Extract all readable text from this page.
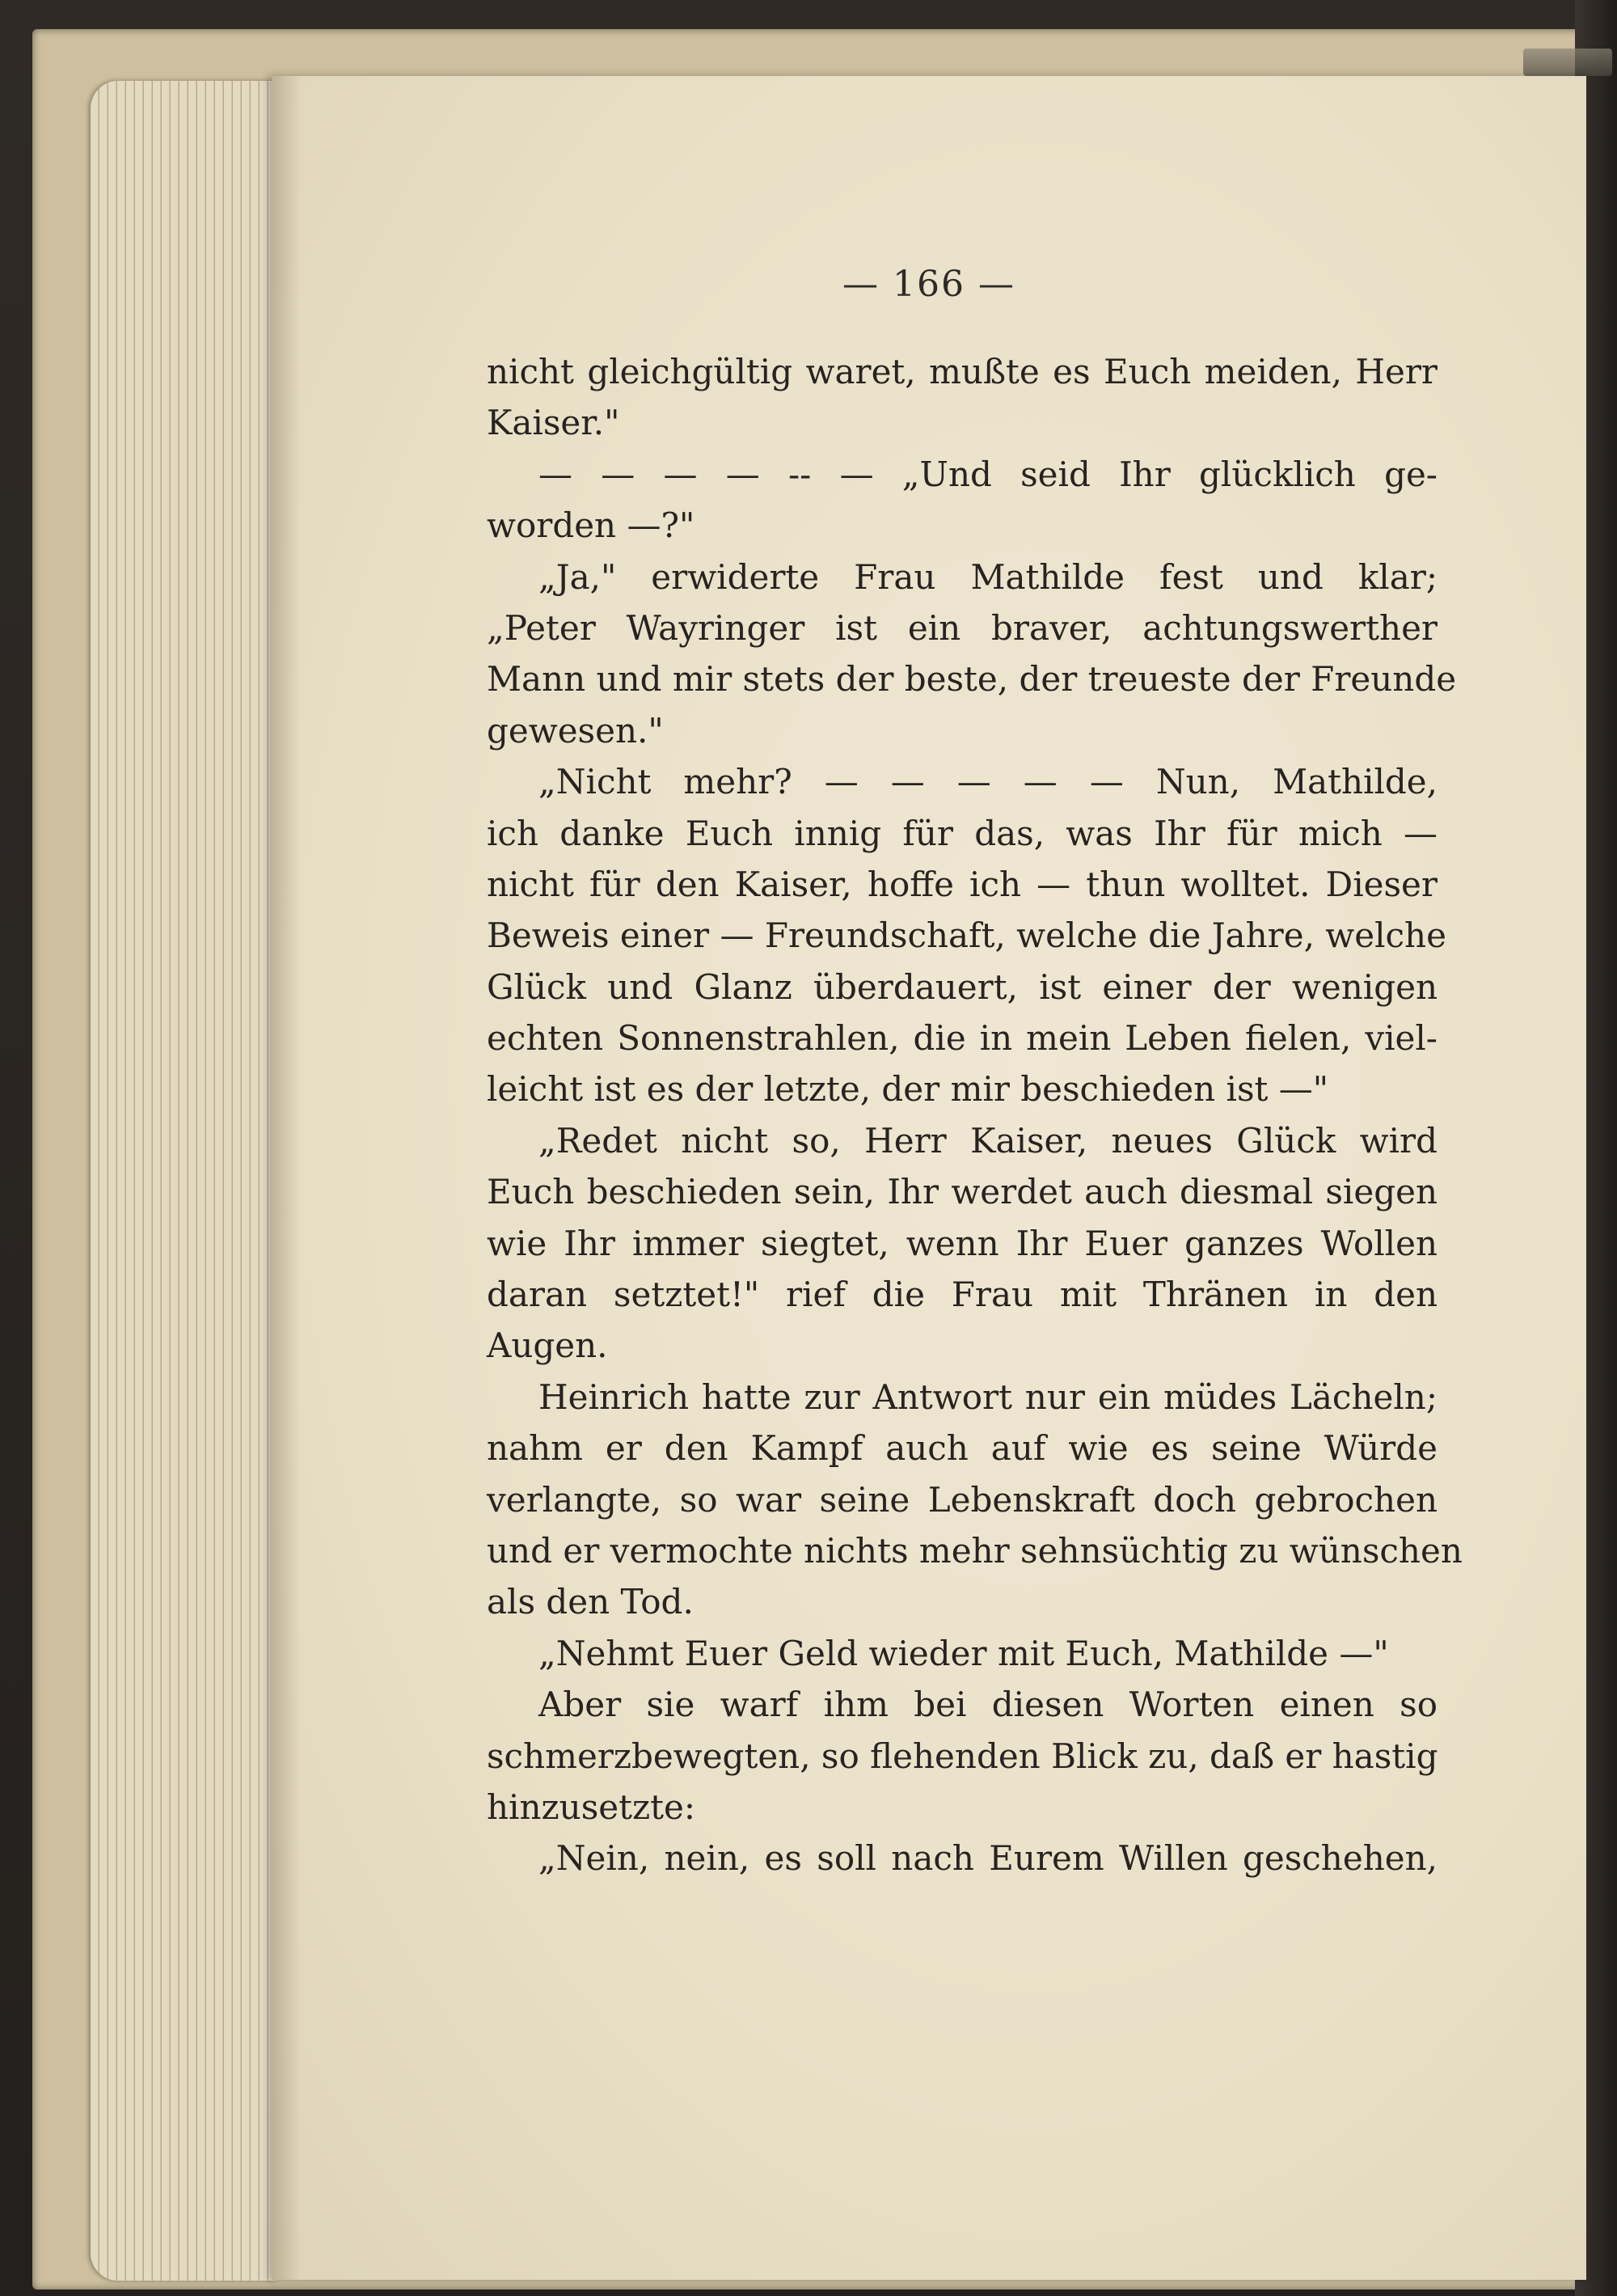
— 166 —
nicht gleichgültig waret, mußte es Euch meiden, Herr
Kaiser."
— — — — -- — „Und seid Ihr glücklich ge-
worden —?"
„Ja," erwiderte Frau Mathilde fest und klar;
„Peter Wayringer ist ein braver, achtungswerther
Mann und mir stets der beste, der treueste der Freunde
gewesen."
„Nicht mehr? — — — — — Nun, Mathilde,
ich danke Euch innig für das, was Ihr für mich —
nicht für den Kaiser, hoffe ich — thun wolltet. Dieser
Beweis einer — Freundschaft, welche die Jahre, welche
Glück und Glanz überdauert, ist einer der wenigen
echten Sonnenstrahlen, die in mein Leben fielen, viel-
leicht ist es der letzte, der mir beschieden ist —"
„Redet nicht so, Herr Kaiser, neues Glück wird
Euch beschieden sein, Ihr werdet auch diesmal siegen
wie Ihr immer siegtet, wenn Ihr Euer ganzes Wollen
daran setztet!" rief die Frau mit Thränen in den
Augen.
Heinrich hatte zur Antwort nur ein müdes Lächeln;
nahm er den Kampf auch auf wie es seine Würde
verlangte, so war seine Lebenskraft doch gebrochen
und er vermochte nichts mehr sehnsüchtig zu wünschen
als den Tod.
„Nehmt Euer Geld wieder mit Euch, Mathilde —"
Aber sie warf ihm bei diesen Worten einen so
schmerzbewegten, so flehenden Blick zu, daß er hastig
hinzusetzte:
„Nein, nein, es soll nach Eurem Willen geschehen,
